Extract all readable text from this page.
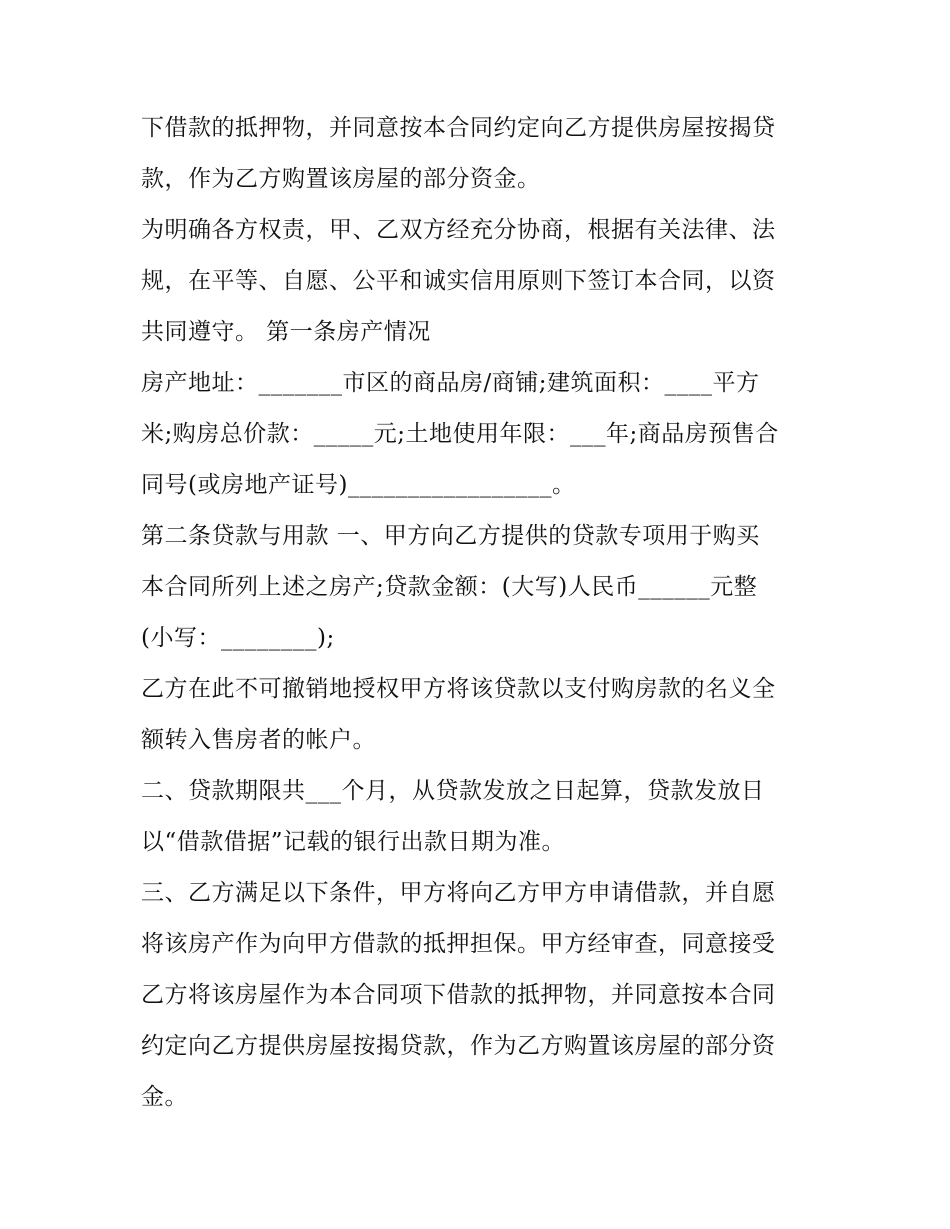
下借款的抵押物，并同意按本合同约定向乙方提供房屋按揭贷
款，作为乙方购置该房屋的部分资金。

为明确各方权责，甲、乙双方经充分协商，根据有关法律、法
规，在平等、自愿、公平和诚实信用原则下签订本合同，以资
共同遵守。 第一条房产情况

房产地址：_______市区的商品房/商铺;建筑面积：____平方
米;购房总价款：_____元;土地使用年限：___年;商品房预售合
同号(或房地产证号)_________________。

第二条贷款与用款 一、甲方向乙方提供的贷款专项用于购买
本合同所列上述之房产;贷款金额：(大写)人民币______元整
(小写：________);

乙方在此不可撤销地授权甲方将该贷款以支付购房款的名义全
额转入售房者的帐户。

二、贷款期限共___个月，从贷款发放之日起算，贷款发放日
以“借款借据”记载的银行出款日期为准。

三、乙方满足以下条件，甲方将向乙方甲方申请借款，并自愿
将该房产作为向甲方借款的抵押担保。甲方经审查，同意接受
乙方将该房屋作为本合同项下借款的抵押物，并同意按本合同
约定向乙方提供房屋按揭贷款，作为乙方购置该房屋的部分资
金。
